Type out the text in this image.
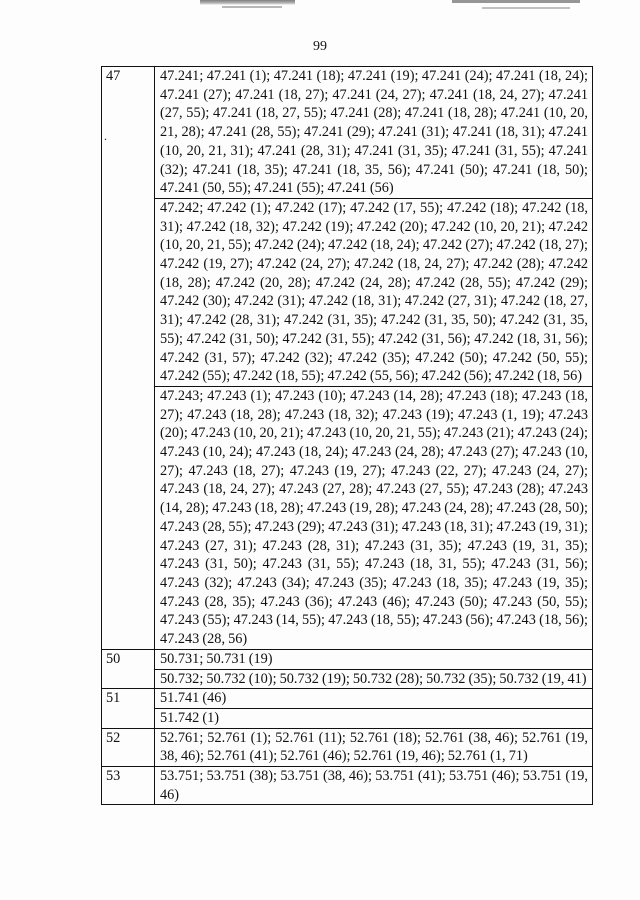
99
.
47	47.241; 47.241 (1); 47.241 (18); 47.241 (19); 47.241 (24); 47.241 (18, 24); 47.241 (27); 47.241 (18, 27); 47.241 (24, 27); 47.241 (18, 24, 27); 47.241 (27, 55); 47.241 (18, 27, 55); 47.241 (28); 47.241 (18, 28); 47.241 (10, 20, 21, 28); 47.241 (28, 55); 47.241 (29); 47.241 (31); 47.241 (18, 31); 47.241 (10, 20, 21, 31); 47.241 (28, 31); 47.241 (31, 35); 47.241 (31, 55); 47.241 (32); 47.241 (18, 35); 47.241 (18, 35, 56); 47.241 (50); 47.241 (18, 50); 47.241 (50, 55); 47.241 (55); 47.241 (56)
	47.242; 47.242 (1); 47.242 (17); 47.242 (17, 55); 47.242 (18); 47.242 (18, 31); 47.242 (18, 32); 47.242 (19); 47.242 (20); 47.242 (10, 20, 21); 47.242 (10, 20, 21, 55); 47.242 (24); 47.242 (18, 24); 47.242 (27); 47.242 (18, 27); 47.242 (19, 27); 47.242 (24, 27); 47.242 (18, 24, 27); 47.242 (28); 47.242 (18, 28); 47.242 (20, 28); 47.242 (24, 28); 47.242 (28, 55); 47.242 (29); 47.242 (30); 47.242 (31); 47.242 (18, 31); 47.242 (27, 31); 47.242 (18, 27, 31); 47.242 (28, 31); 47.242 (31, 35); 47.242 (31, 35, 50); 47.242 (31, 35, 55); 47.242 (31, 50); 47.242 (31, 55); 47.242 (31, 56); 47.242 (18, 31, 56); 47.242 (31, 57); 47.242 (32); 47.242 (35); 47.242 (50); 47.242 (50, 55); 47.242 (55); 47.242 (18, 55); 47.242 (55, 56); 47.242 (56); 47.242 (18, 56)
	47.243; 47.243 (1); 47.243 (10); 47.243 (14, 28); 47.243 (18); 47.243 (18, 27); 47.243 (18, 28); 47.243 (18, 32); 47.243 (19); 47.243 (1, 19); 47.243 (20); 47.243 (10, 20, 21); 47.243 (10, 20, 21, 55); 47.243 (21); 47.243 (24); 47.243 (10, 24); 47.243 (18, 24); 47.243 (24, 28); 47.243 (27); 47.243 (10, 27); 47.243 (18, 27); 47.243 (19, 27); 47.243 (22, 27); 47.243 (24, 27); 47.243 (18, 24, 27); 47.243 (27, 28); 47.243 (27, 55); 47.243 (28); 47.243 (14, 28); 47.243 (18, 28); 47.243 (19, 28); 47.243 (24, 28); 47.243 (28, 50); 47.243 (28, 55); 47.243 (29); 47.243 (31); 47.243 (18, 31); 47.243 (19, 31); 47.243 (27, 31); 47.243 (28, 31); 47.243 (31, 35); 47.243 (19, 31, 35); 47.243 (31, 50); 47.243 (31, 55); 47.243 (18, 31, 55); 47.243 (31, 56); 47.243 (32); 47.243 (34); 47.243 (35); 47.243 (18, 35); 47.243 (19, 35); 47.243 (28, 35); 47.243 (36); 47.243 (46); 47.243 (50); 47.243 (50, 55); 47.243 (55); 47.243 (14, 55); 47.243 (18, 55); 47.243 (56); 47.243 (18, 56); 47.243 (28, 56)
50	50.731; 50.731 (19)
	50.732; 50.732 (10); 50.732 (19); 50.732 (28); 50.732 (35); 50.732 (19, 41)
51	51.741 (46)
	51.742 (1)
52	52.761; 52.761 (1); 52.761 (11); 52.761 (18); 52.761 (38, 46); 52.761 (19, 38, 46); 52.761 (41); 52.761 (46); 52.761 (19, 46); 52.761 (1, 71)
53	53.751; 53.751 (38); 53.751 (38, 46); 53.751 (41); 53.751 (46); 53.751 (19, 46)
